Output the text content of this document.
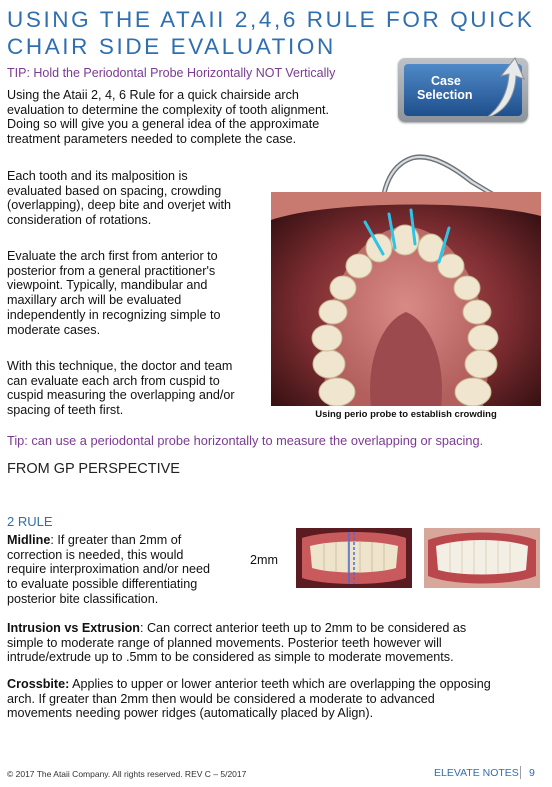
USING THE ATAII 2,4,6 RULE FOR QUICK
CHAIR SIDE EVALUATION
TIP: Hold the Periodontal Probe Horizontally NOT Vertically
Case
Selection
Using the Ataii 2, 4, 6 Rule for a quick chairside arch
evaluation to determine the complexity of tooth alignment.
Doing so will give you a general idea of the approximate
treatment parameters needed to complete the case.
Each tooth and its malposition is
evaluated based on spacing, crowding
(overlapping), deep bite and overjet with
consideration of rotations.
Evaluate the arch first from anterior to
posterior from a general practitioner's
viewpoint. Typically, mandibular and
maxillary arch will be evaluated
independently in recognizing simple to
moderate cases.
With this technique, the doctor and team
can evaluate each arch from cuspid to
cuspid measuring the overlapping and/or
spacing of teeth first.	Using perio probe to establish crowding
Tip: can use a periodontal probe horizontally to measure the overlapping or spacing.
FROM GP PERSPECTIVE
2 RULE
Midline: If greater than 2mm of
correction is needed, this would
require interproximation and/or need
to evaluate possible differentiating
posterior bite classification.
2mm
Intrusion vs Extrusion: Can correct anterior teeth up to 2mm to be considered as
simple to moderate range of planned movements. Posterior teeth however will
intrude/extrude up to .5mm to be considered as simple to moderate movements.
Crossbite: Applies to upper or lower anterior teeth which are overlapping the opposing
arch. If greater than 2mm then would be considered a moderate to advanced
movements needing power ridges (automatically placed by Align).
© 2017 The Ataii Company. All rights reserved. REV C – 5/2017	ELEVATE NOTES 9
